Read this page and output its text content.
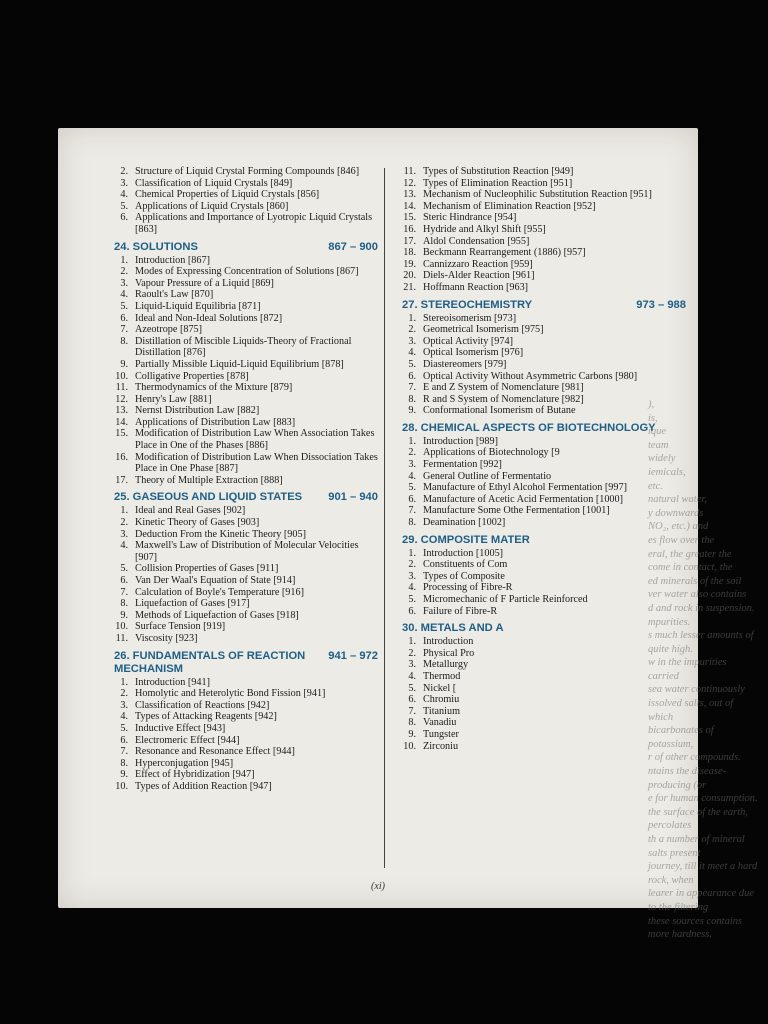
2. Structure of Liquid Crystal Forming Compounds [846]
3. Classification of Liquid Crystals [849]
4. Chemical Properties of Liquid Crystals [856]
5. Applications of Liquid Crystals [860]
6. Applications and Importance of Lyotropic Liquid Crystals [863]
24. SOLUTIONS	867 – 900
1. Introduction [867]
2. Modes of Expressing Concentration of Solutions [867]
3. Vapour Pressure of a Liquid [869]
4. Raoult's Law [870]
5. Liquid-Liquid Equilibria [871]
6. Ideal and Non-Ideal Solutions [872]
7. Azeotrope [875]
8. Distillation of Miscible Liquids-Theory of Fractional Distillation [876]
9. Partially Missible Liquid-Liquid Equilibrium [878]
10. Colligative Properties [878]
11. Thermodynamics of the Mixture [879]
12. Henry's Law [881]
13. Nernst Distribution Law [882]
14. Applications of Distribution Law [883]
15. Modification of Distribution Law When Association Takes Place in One of the Phases [886]
16. Modification of Distribution Law When Dissociation Takes Place in One Phase [887]
17. Theory of Multiple Extraction [888]
25. GASEOUS AND LIQUID STATES	901 – 940
1. Ideal and Real Gases [902]
2. Kinetic Theory of Gases [903]
3. Deduction From the Kinetic Theory [905]
4. Maxwell's Law of Distribution of Molecular Velocities [907]
5. Collision Properties of Gases [911]
6. Van Der Waal's Equation of State [914]
7. Calculation of Boyle's Temperature [916]
8. Liquefaction of Gases [917]
9. Methods of Liquefaction of Gases [918]
10. Surface Tension [919]
11. Viscosity [923]
26. FUNDAMENTALS OF REACTION MECHANISM
941 – 972
1. Introduction [941]
2. Homolytic and Heterolytic Bond Fission [941]
3. Classification of Reactions [942]
4. Types of Attacking Reagents [942]
5. Inductive Effect [943]
6. Electromeric Effect [944]
7. Resonance and Resonance Effect [944]
8. Hyperconjugation [945]
9. Effect of Hybridization [947]
10. Types of Addition Reaction [947]
11. Types of Substitution Reaction [949]
12. Types of Elimination Reaction [951]
13. Mechanism of Nucleophilic Substitution Reaction [951]
14. Mechanism of Elimination Reaction [952]
15. Steric Hindrance [954]
16. Hydride and Alkyl Shift [955]
17. Aldol Condensation [955]
18. Beckmann Rearrangement (1886) [957]
19. Cannizzaro Reaction [959]
20. Diels-Alder Reaction [961]
21. Hoffmann Reaction [963]
27. STEREOCHEMISTRY	973 – 988
1. Stereoisomerism [973]
2. Geometrical Isomerism [975]
3. Optical Activity [974]
4. Optical Isomerism [976]
5. Diastereomers [979]
6. Optical Activity Without Asymmetric Carbons [980]
7. E and Z System of Nomenclature [981]
8. R and S System of Nomenclature [982]
9. Conformational Isomerism of Butane
28. CHEMICAL ASPECTS OF BIOTECHNOLOGY
1. Introduction [989]
2. Applications of Biotechnology [9
3. Fermentation [992]
4. General Outline of Fermentatio
5. Manufacture of Ethyl Alcohol Fermentation [997]
6. Manufacture of Acetic Acid Fermentation [1000]
7. Manufacture Some Othe Fermentation [1001]
8. Deamination [1002]
29. COMPOSITE MATER
1. Introduction [1005]
2. Constituents of Com
3. Types of Composite
4. Processing of Fibre-R
5. Micromechanic of F Particle Reinforced
6. Failure of Fibre-R
30. METALS AND A
1. Introduction
2. Physical Pro
3. Metallurgy
4. Thermod
5. Nickel [
6. Chromiu
7. Titanium
8. Vanadiu
9. Tungster
10. Zirconiu
),
is,
ique
team
widely
iemicals,
etc.
natural water,
y downwards
NO₂, etc.) and
es flow over the
eral, the greater the
come in contact, the
ed minerals of the soil
ver water also contains
d and rock in suspension.
mpurities.
s much lesser amounts of
quite high.
w in the impurities carried
sea water continuously
issolved salts, out of which
bicarbonates of potassium,
r of other compounds.
ntains the disease-producing (or
e for human consumption.
the surface of the earth, percolates
th a number of mineral salts present
journey, till it meet a hard rock, when
learer in appearance due to the filtering
these sources contains more hardness.
(xi)
